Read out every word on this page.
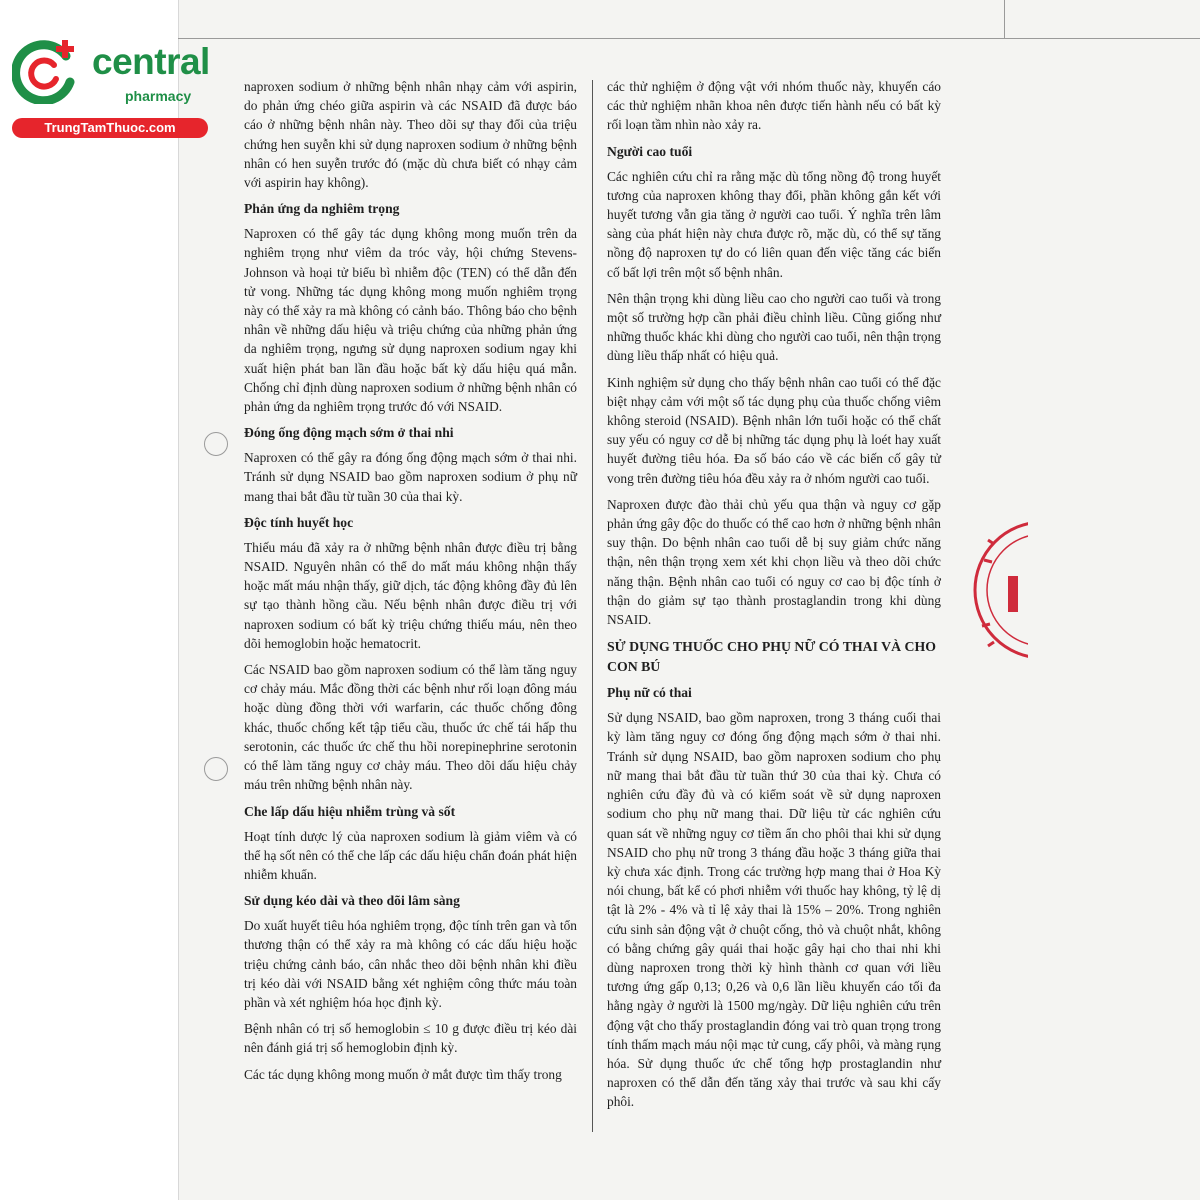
central
pharmacy
TrungTamThuoc.com

naproxen sodium ở những bệnh nhân nhạy cảm với aspirin, do phản ứng chéo giữa aspirin và các NSAID đã được báo cáo ở những bệnh nhân này. Theo dõi sự thay đổi của triệu chứng hen suyễn khi sử dụng naproxen sodium ở những bệnh nhân có hen suyễn trước đó (mặc dù chưa biết có nhạy cảm với aspirin hay không).

Phản ứng da nghiêm trọng

Naproxen có thể gây tác dụng không mong muốn trên da nghiêm trọng như viêm da tróc vảy, hội chứng Stevens-Johnson và hoại tử biểu bì nhiễm độc (TEN) có thể dẫn đến tử vong. Những tác dụng không mong muốn nghiêm trọng này có thể xảy ra mà không có cảnh báo. Thông báo cho bệnh nhân về những dấu hiệu và triệu chứng của những phản ứng da nghiêm trọng, ngưng sử dụng naproxen sodium ngay khi xuất hiện phát ban lần đầu hoặc bất kỳ dấu hiệu quá mẫn. Chống chỉ định dùng naproxen sodium ở những bệnh nhân có phản ứng da nghiêm trọng trước đó với NSAID.

Đóng ống động mạch sớm ở thai nhi

Naproxen có thể gây ra đóng ống động mạch sớm ở thai nhi. Tránh sử dụng NSAID bao gồm naproxen sodium ở phụ nữ mang thai bắt đầu từ tuần 30 của thai kỳ.

Độc tính huyết học

Thiếu máu đã xảy ra ở những bệnh nhân được điều trị bằng NSAID. Nguyên nhân có thể do mất máu không nhận thấy hoặc mất máu nhận thấy, giữ dịch, tác động không đầy đủ lên sự tạo thành hồng cầu. Nếu bệnh nhân được điều trị với naproxen sodium có bất kỳ triệu chứng thiếu máu, nên theo dõi hemoglobin hoặc hematocrit.

Các NSAID bao gồm naproxen sodium có thể làm tăng nguy cơ chảy máu. Mắc đồng thời các bệnh như rối loạn đông máu hoặc dùng đồng thời với warfarin, các thuốc chống đông khác, thuốc chống kết tập tiểu cầu, thuốc ức chế tái hấp thu serotonin, các thuốc ức chế thu hồi norepinephrine serotonin có thể làm tăng nguy cơ chảy máu. Theo dõi dấu hiệu chảy máu trên những bệnh nhân này.

Che lấp dấu hiệu nhiễm trùng và sốt

Hoạt tính dược lý của naproxen sodium là giảm viêm và có thể hạ sốt nên có thể che lấp các dấu hiệu chẩn đoán phát hiện nhiễm khuẩn.

Sử dụng kéo dài và theo dõi lâm sàng

Do xuất huyết tiêu hóa nghiêm trọng, độc tính trên gan và tổn thương thận có thể xảy ra mà không có các dấu hiệu hoặc triệu chứng cảnh báo, cân nhắc theo dõi bệnh nhân khi điều trị kéo dài với NSAID bằng xét nghiệm công thức máu toàn phần và xét nghiệm hóa học định kỳ.

Bệnh nhân có trị số hemoglobin ≤ 10 g được điều trị kéo dài nên đánh giá trị số hemoglobin định kỳ.

Các tác dụng không mong muốn ở mắt được tìm thấy trong

các thử nghiệm ở động vật với nhóm thuốc này, khuyến cáo các thử nghiệm nhãn khoa nên được tiến hành nếu có bất kỳ rối loạn tầm nhìn nào xảy ra.

Người cao tuổi

Các nghiên cứu chỉ ra rằng mặc dù tổng nồng độ trong huyết tương của naproxen không thay đổi, phần không gắn kết với huyết tương vẫn gia tăng ở người cao tuổi. Ý nghĩa trên lâm sàng của phát hiện này chưa được rõ, mặc dù, có thể sự tăng nồng độ naproxen tự do có liên quan đến việc tăng các biến cố bất lợi trên một số bệnh nhân.

Nên thận trọng khi dùng liều cao cho người cao tuổi và trong một số trường hợp cần phải điều chỉnh liều. Cũng giống như những thuốc khác khi dùng cho người cao tuổi, nên thận trọng dùng liều thấp nhất có hiệu quả.

Kinh nghiệm sử dụng cho thấy bệnh nhân cao tuổi có thể đặc biệt nhạy cảm với một số tác dụng phụ của thuốc chống viêm không steroid (NSAID). Bệnh nhân lớn tuổi hoặc có thể chất suy yếu có nguy cơ dễ bị những tác dụng phụ là loét hay xuất huyết đường tiêu hóa. Đa số báo cáo về các biến cố gây tử vong trên đường tiêu hóa đều xảy ra ở nhóm người cao tuổi.

Naproxen được đào thải chủ yếu qua thận và nguy cơ gặp phản ứng gây độc do thuốc có thể cao hơn ở những bệnh nhân suy thận. Do bệnh nhân cao tuổi dễ bị suy giảm chức năng thận, nên thận trọng xem xét khi chọn liều và theo dõi chức năng thận. Bệnh nhân cao tuổi có nguy cơ cao bị độc tính ở thận do giảm sự tạo thành prostaglandin trong khi dùng NSAID.

SỬ DỤNG THUỐC CHO PHỤ NỮ CÓ THAI VÀ CHO CON BÚ
Phụ nữ có thai

Sử dụng NSAID, bao gồm naproxen, trong 3 tháng cuối thai kỳ làm tăng nguy cơ đóng ống động mạch sớm ở thai nhi. Tránh sử dụng NSAID, bao gồm naproxen sodium cho phụ nữ mang thai bắt đầu từ tuần thứ 30 của thai kỳ. Chưa có nghiên cứu đầy đủ và có kiểm soát về sử dụng naproxen sodium cho phụ nữ mang thai. Dữ liệu từ các nghiên cứu quan sát về những nguy cơ tiềm ẩn cho phôi thai khi sử dụng NSAID cho phụ nữ trong 3 tháng đầu hoặc 3 tháng giữa thai kỳ chưa xác định. Trong các trường hợp mang thai ở Hoa Kỳ nói chung, bất kể có phơi nhiễm với thuốc hay không, tỷ lệ dị tật là 2% - 4% và tỉ lệ xảy thai là 15% – 20%. Trong nghiên cứu sinh sản động vật ở chuột cống, thỏ và chuột nhắt, không có bằng chứng gây quái thai hoặc gây hại cho thai nhi khi dùng naproxen trong thời kỳ hình thành cơ quan với liều tương ứng gấp 0,13; 0,26 và 0,6 lần liều khuyến cáo tối đa hằng ngày ở người là 1500 mg/ngày. Dữ liệu nghiên cứu trên động vật cho thấy prostaglandin đóng vai trò quan trọng trong tính thấm mạch máu nội mạc tử cung, cấy phôi, và màng rụng hóa. Sử dụng thuốc ức chế tổng hợp prostaglandin như naproxen có thể dẫn đến tăng xảy thai trước và sau khi cấy phôi.
